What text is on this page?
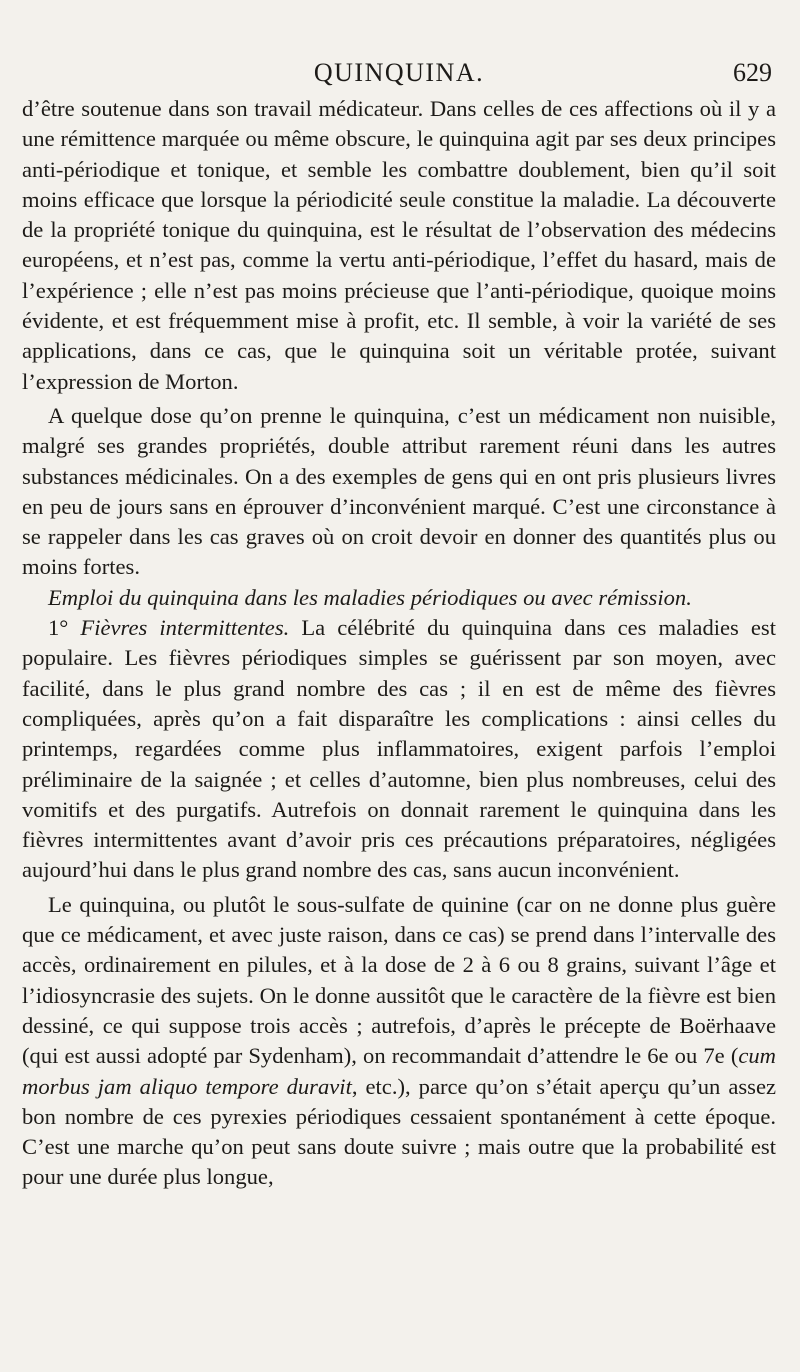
QUINQUINA.	629

d’être soutenue dans son travail médicateur. Dans celles de ces affections où il y a une rémittence marquée ou même obscure, le quinquina agit par ses deux principes anti-périodique et tonique, et semble les combattre doublement, bien qu’il soit moins efficace que lorsque la périodicité seule constitue la maladie. La découverte de la propriété tonique du quinquina, est le résultat de l’observation des médecins européens, et n’est pas, comme la vertu anti-périodique, l’effet du hasard, mais de l’expérience ; elle n’est pas moins précieuse que l’anti-périodique, quoique moins évidente, et est fréquemment mise à profit, etc. Il semble, à voir la variété de ses applications, dans ce cas, que le quinquina soit un véritable protée, suivant l’expression de Morton.

A quelque dose qu’on prenne le quinquina, c’est un médicament non nuisible, malgré ses grandes propriétés, double attribut rarement réuni dans les autres substances médicinales. On a des exemples de gens qui en ont pris plusieurs livres en peu de jours sans en éprouver d’inconvénient marqué. C’est une circonstance à se rappeler dans les cas graves où on croit devoir en donner des quantités plus ou moins fortes.

Emploi du quinquina dans les maladies périodiques ou avec rémission.

1° Fièvres intermittentes. La célébrité du quinquina dans ces maladies est populaire. Les fièvres périodiques simples se guérissent par son moyen, avec facilité, dans le plus grand nombre des cas ; il en est de même des fièvres compliquées, après qu’on a fait disparaître les complications : ainsi celles du printemps, regardées comme plus inflammatoires, exigent parfois l’emploi préliminaire de la saignée ; et celles d’automne, bien plus nombreuses, celui des vomitifs et des purgatifs. Autrefois on donnait rarement le quinquina dans les fièvres intermittentes avant d’avoir pris ces précautions préparatoires, négligées aujourd’hui dans le plus grand nombre des cas, sans aucun inconvénient.

Le quinquina, ou plutôt le sous-sulfate de quinine (car on ne donne plus guère que ce médicament, et avec juste raison, dans ce cas) se prend dans l’intervalle des accès, ordinairement en pilules, et à la dose de 2 à 6 ou 8 grains, suivant l’âge et l’idiosyncrasie des sujets. On le donne aussitôt que le caractère de la fièvre est bien dessiné, ce qui suppose trois accès ; autrefois, d’après le précepte de Boërhaave (qui est aussi adopté par Sydenham), on recommandait d’attendre le 6e ou 7e (cum morbus jam aliquo tempore duravit, etc.), parce qu’on s’était aperçu qu’un assez bon nombre de ces pyrexies périodiques cessaient spontanément à cette époque. C’est une marche qu’on peut sans doute suivre ; mais outre que la probabilité est pour une durée plus longue,
